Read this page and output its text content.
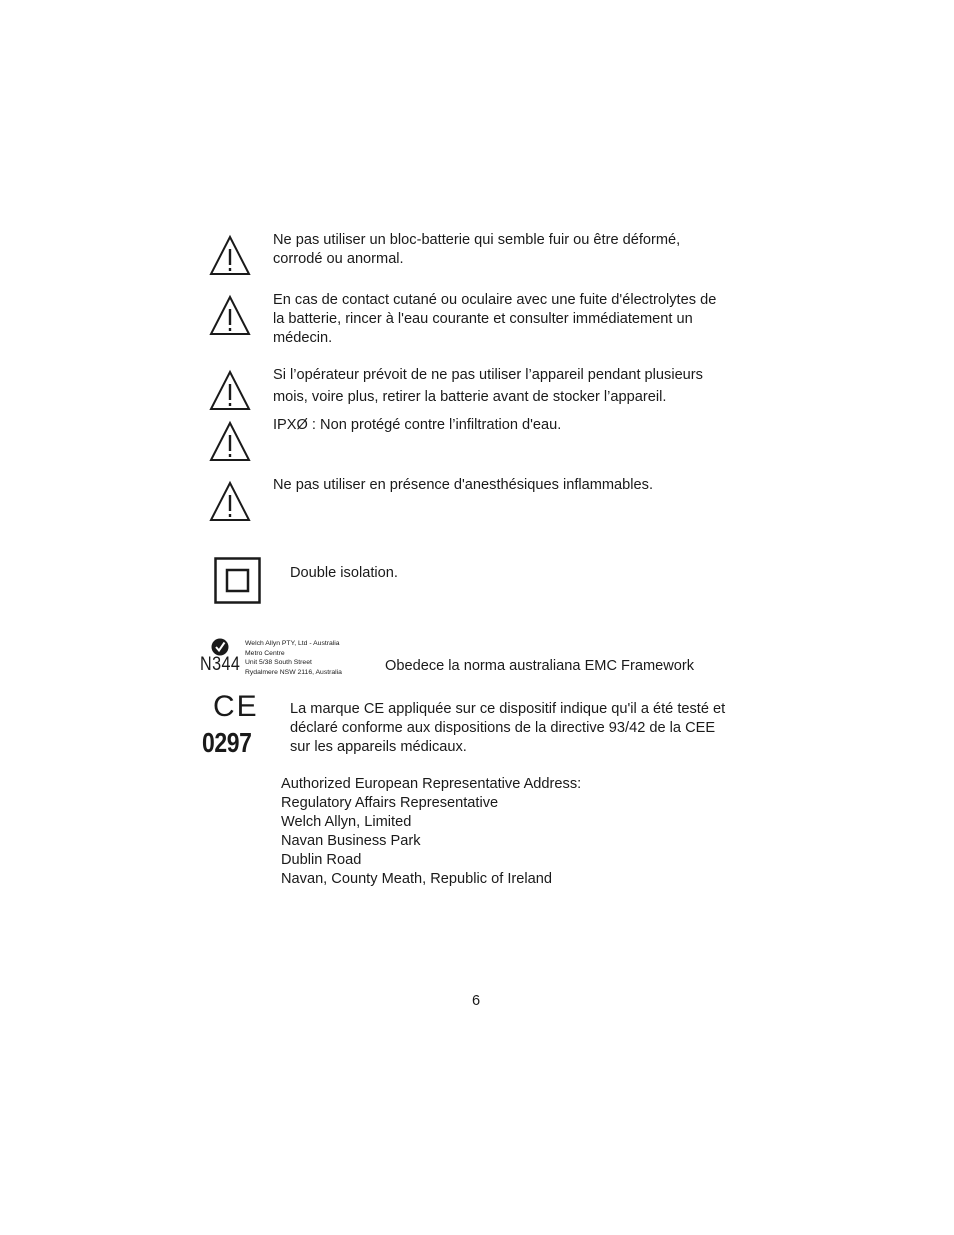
Ne pas utiliser un bloc-batterie qui semble fuir ou être déformé,
corrodé ou anormal.
En cas de contact cutané ou oculaire avec une fuite d'électrolytes de
la batterie, rincer à l'eau courante et consulter immédiatement un
médecin.
Si l’opérateur prévoit de ne pas utiliser l’appareil pendant plusieurs
mois, voire plus, retirer la batterie avant de stocker l’appareil.
IPXØ : Non protégé contre l’infiltration d'eau.
Ne pas utiliser en présence d'anesthésiques inflammables.
Double isolation.
N344
Welch Allyn PTY, Ltd - Australia
Metro Centre
Unit 5/38 South Street
Rydalmere NSW 2116, Australia	Obedece la norma australiana EMC Framework
CE
0297
La marque CE appliquée sur ce dispositif indique qu'il a été testé et
déclaré conforme aux dispositions de la directive 93/42 de la CEE
sur les appareils médicaux.
Authorized European Representative Address:
Regulatory Affairs Representative
Welch Allyn, Limited
Navan Business Park
Dublin Road
Navan, County Meath, Republic of Ireland
6
